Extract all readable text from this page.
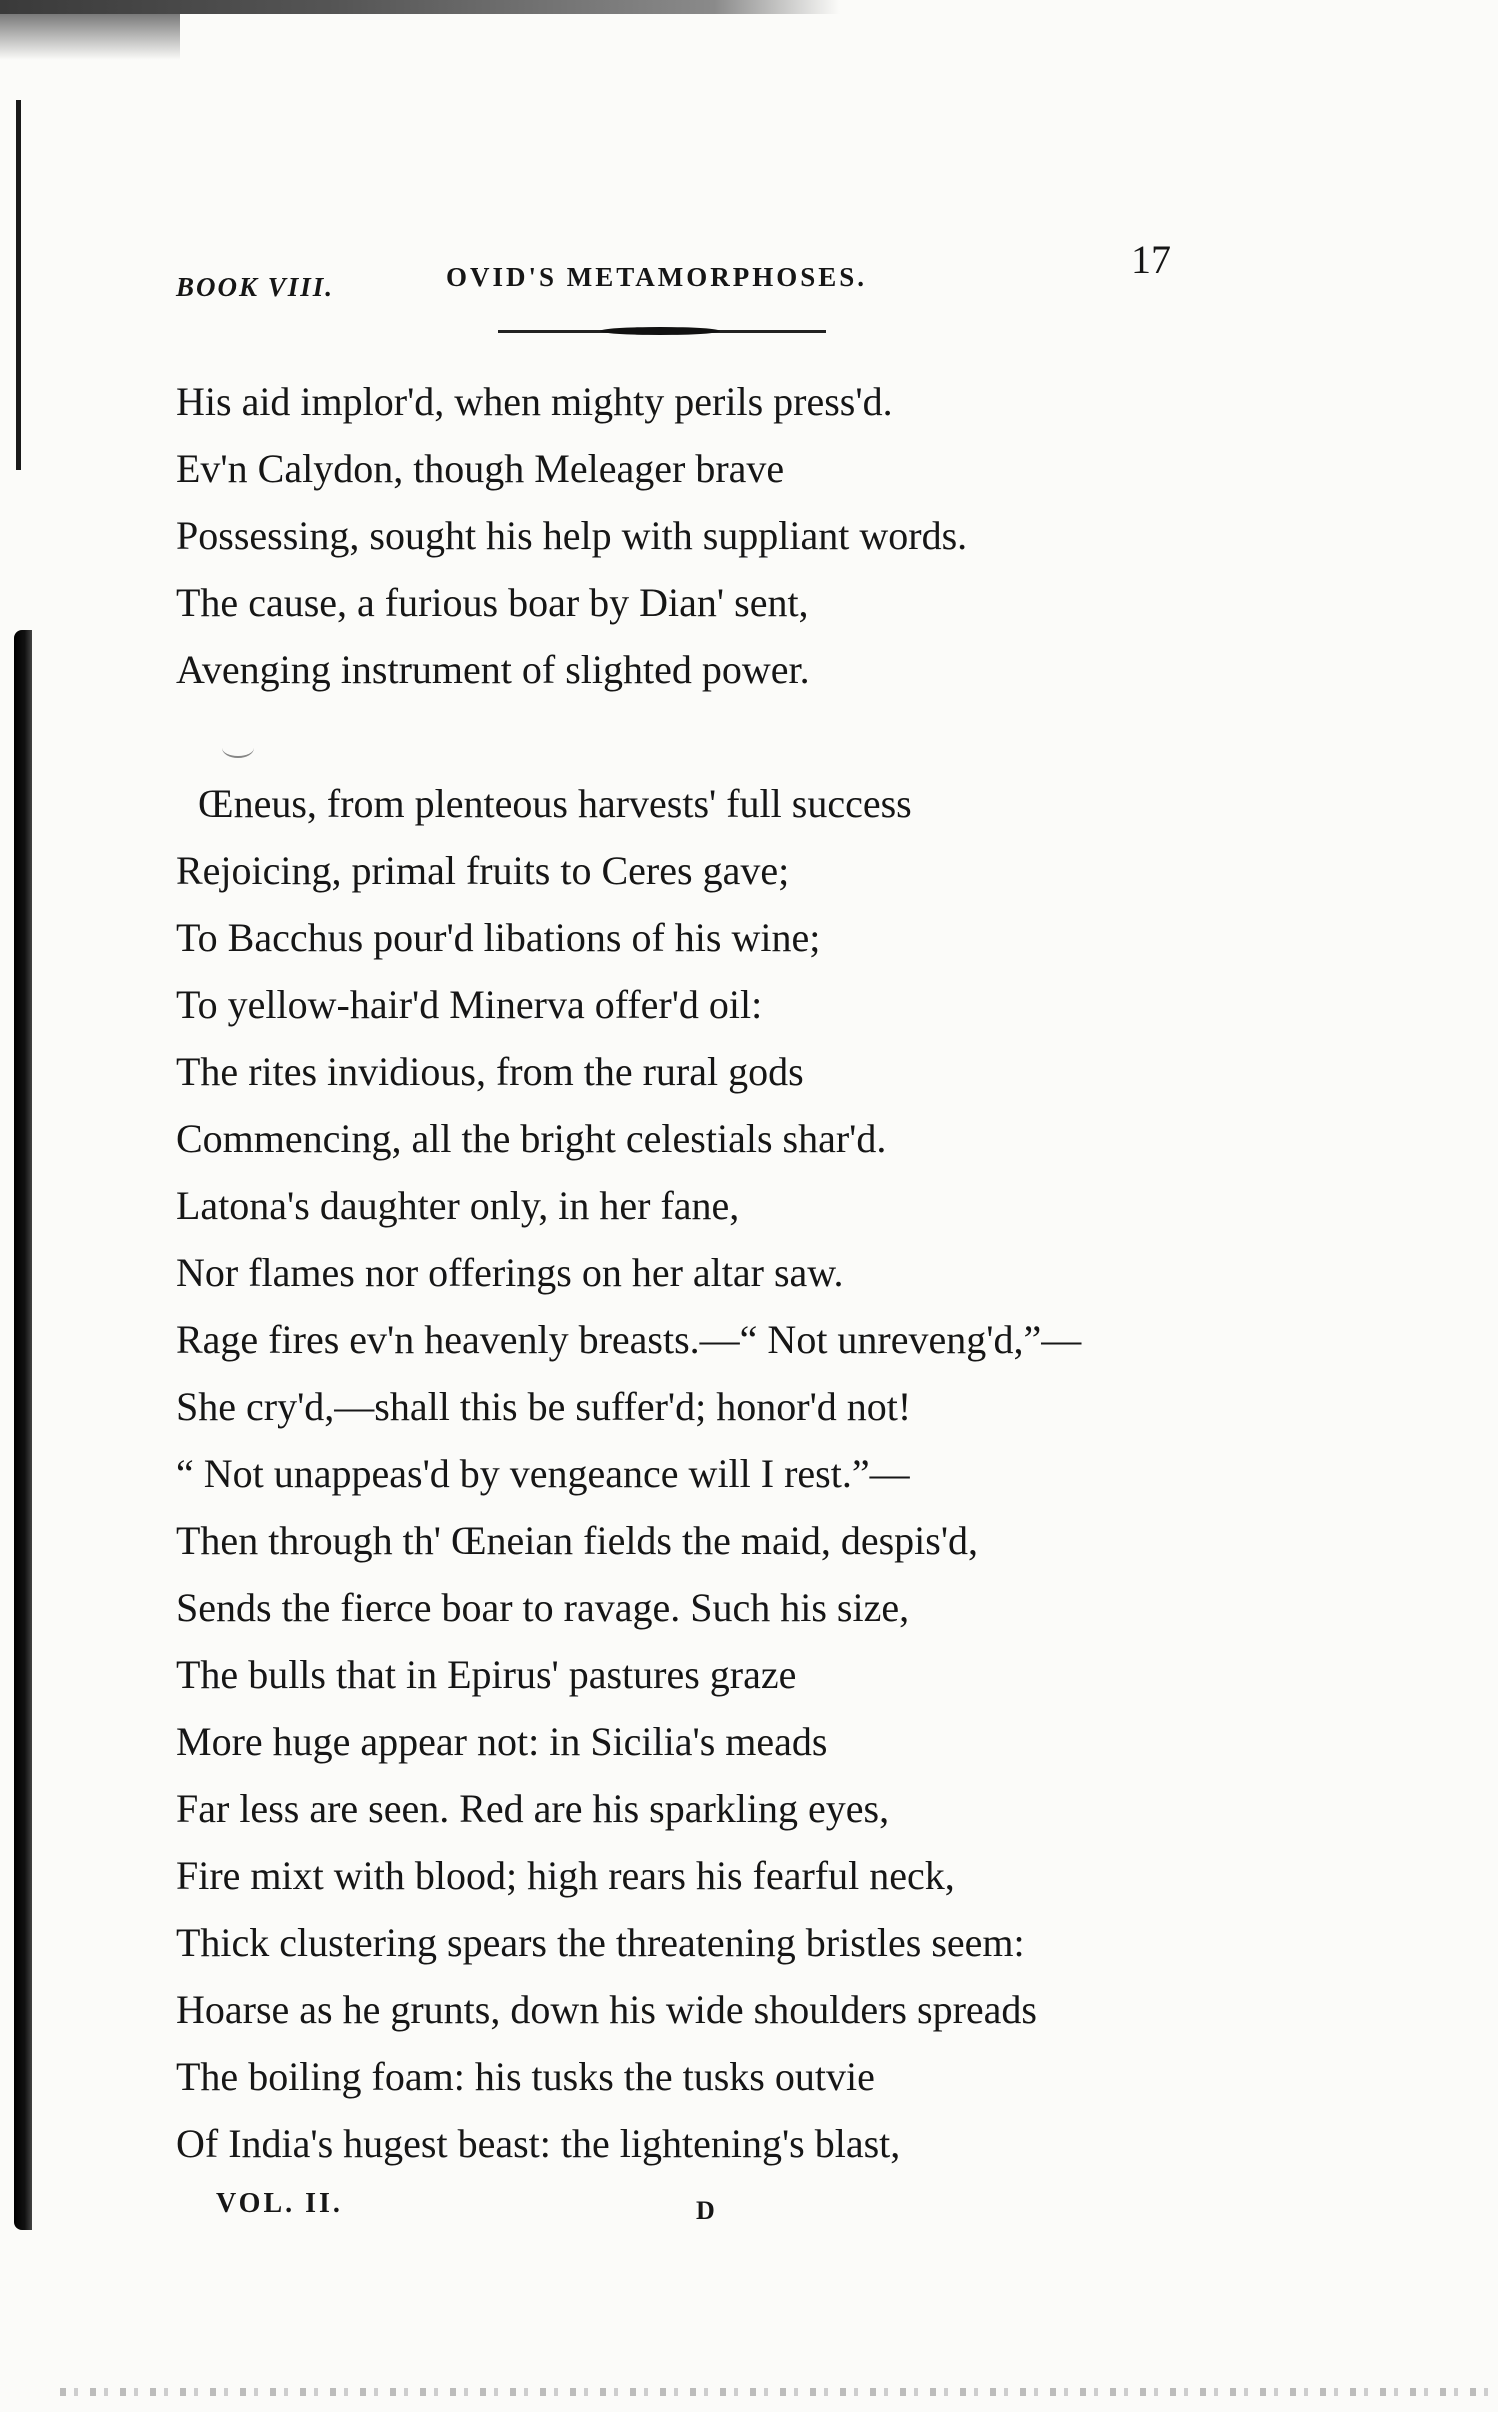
BOOK VIII.	OVID'S METAMORPHOSES.	17
His aid implor'd, when mighty perils press'd.
Ev'n Calydon, though Meleager brave
Possessing, sought his help with suppliant words.
The cause, a furious boar by Dian' sent,
Avenging instrument of slighted power.
Œneus, from plenteous harvests' full success
Rejoicing, primal fruits to Ceres gave;
To Bacchus pour'd libations of his wine;
To yellow-hair'd Minerva offer'd oil:
The rites invidious, from the rural gods
Commencing, all the bright celestials shar'd.
Latona's daughter only, in her fane,
Nor flames nor offerings on her altar saw.
Rage fires ev'n heavenly breasts.—“ Not unreveng'd,”—
She cry'd,—shall this be suffer'd; honor'd not!
“ Not unappeas'd by vengeance will I rest.”—
Then through th' Œneian fields the maid, despis'd,
Sends the fierce boar to ravage. Such his size,
The bulls that in Epirus' pastures graze
More huge appear not: in Sicilia's meads
Far less are seen. Red are his sparkling eyes,
Fire mixt with blood; high rears his fearful neck,
Thick clustering spears the threatening bristles seem:
Hoarse as he grunts, down his wide shoulders spreads
The boiling foam: his tusks the tusks outvie
Of India's hugest beast: the lightening's blast,
VOL. II.	D
